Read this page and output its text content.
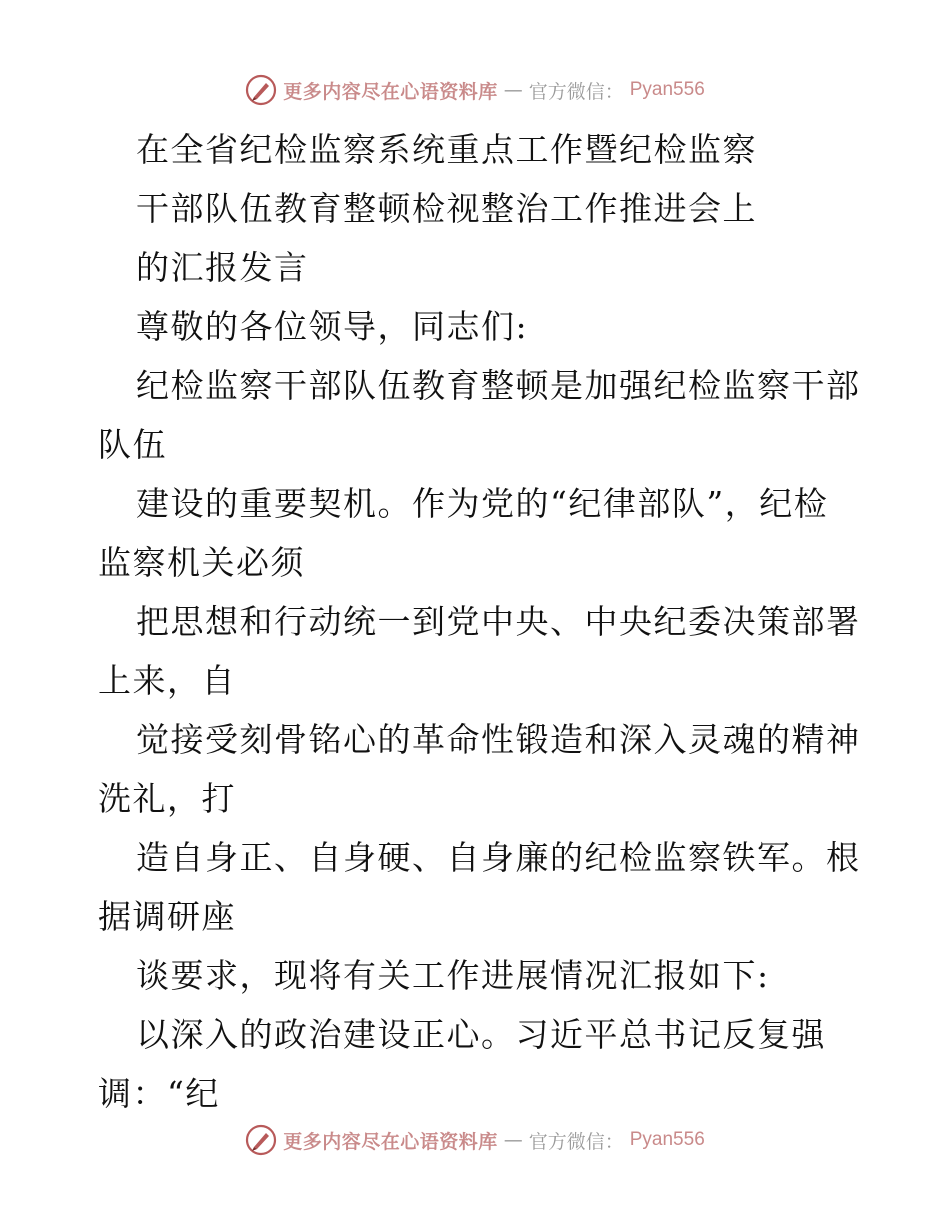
更多内容尽在心语资料库 — 官方微信： Pyan556
在全省纪检监察系统重点工作暨纪检监察
干部队伍教育整顿检视整治工作推进会上
的汇报发言
尊敬的各位领导，同志们:
纪检监察干部队伍教育整顿是加强纪检监察干部
队伍
建设的重要契机。作为党的“纪律部队”，纪检
监察机关必须
把思想和行动统一到党中央、中央纪委决策部署
上来，自
觉接受刻骨铭心的革命性锻造和深入灵魂的精神
洗礼，打
造自身正、自身硬、自身廉的纪检监察铁军。根
据调研座
谈要求，现将有关工作进展情况汇报如下:
以深入的政治建设正心。习近平总书记反复强
调：“纪
更多内容尽在心语资料库 — 官方微信： Pyan556
